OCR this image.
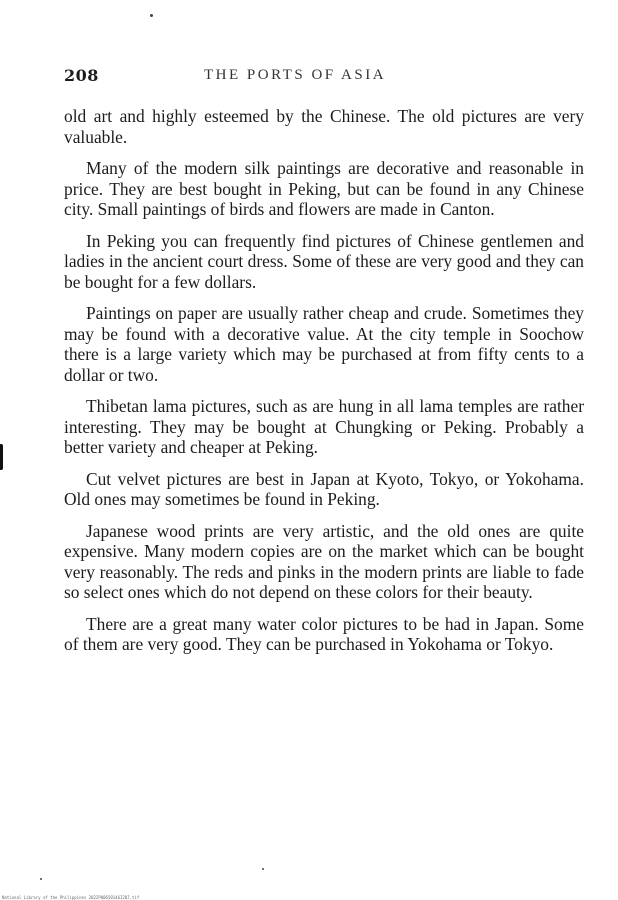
208	THE PORTS OF ASIA

old art and highly esteemed by the Chinese. The old pictures are very valuable.

Many of the modern silk paintings are decorative and reasonable in price. They are best bought in Peking, but can be found in any Chinese city. Small paintings of birds and flowers are made in Canton.

In Peking you can frequently find pictures of Chinese gentlemen and ladies in the ancient court dress. Some of these are very good and they can be bought for a few dollars.

Paintings on paper are usually rather cheap and crude. Sometimes they may be found with a decorative value. At the city temple in Soochow there is a large variety which may be purchased at from fifty cents to a dollar or two.

Thibetan lama pictures, such as are hung in all lama temples are rather interesting. They may be bought at Chungking or Peking. Probably a better variety and cheaper at Peking.

Cut velvet pictures are best in Japan at Kyoto, Tokyo, or Yokohama. Old ones may sometimes be found in Peking.

Japanese wood prints are very artistic, and the old ones are quite expensive. Many modern copies are on the market which can be bought very reasonably. The reds and pinks in the modern prints are liable to fade so select ones which do not depend on these colors for their beauty.

There are a great many water color pictures to be had in Japan. Some of them are very good. They can be purchased in Yokohama or Tokyo.

National Library of the Philippines 2022P00650146I207.tif
